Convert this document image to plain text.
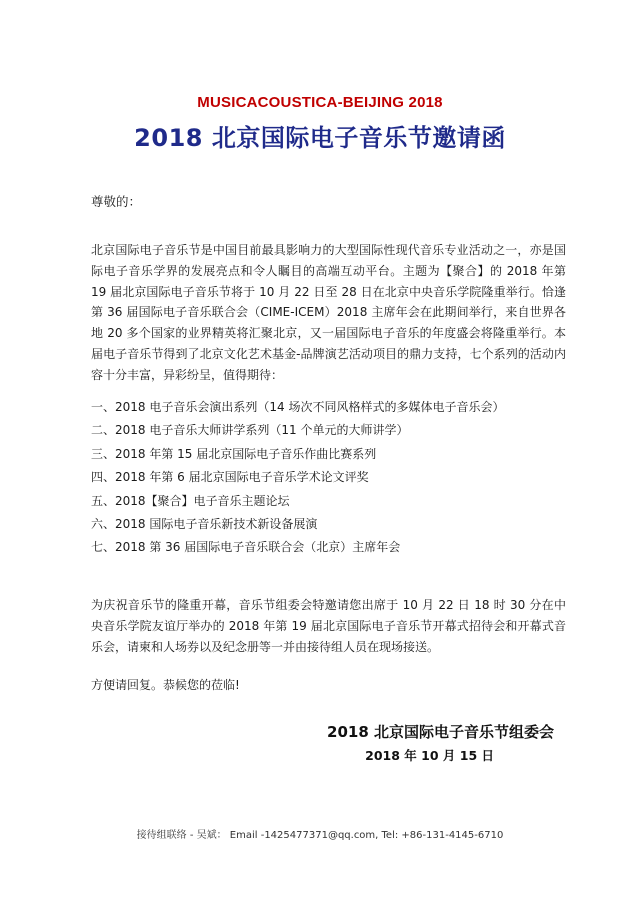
MUSICACOUSTICA-BEIJING 2018
2018 北京国际电子音乐节邀请函
尊敬的：

北京国际电子音乐节是中国目前最具影响力的大型国际性现代音乐专业活动之一，亦是国际电子音乐学界的发展亮点和令人瞩目的高端互动平台。主题为【聚合】的 2018 年第 19 届北京国际电子音乐节将于 10 月 22 日至 28 日在北京中央音乐学院隆重举行。恰逢第 36 届国际电子音乐联合会（CIME-ICEM）2018 主席年会在此期间举行，来自世界各地 20 多个国家的业界精英将汇聚北京，又一届国际电子音乐的年度盛会将隆重举行。本届电子音乐节得到了北京文化艺术基金-品牌演艺活动项目的鼎力支持，七个系列的活动内容十分丰富，异彩纷呈，值得期待：

一、2018 电子音乐会演出系列（14 场次不同风格样式的多媒体电子音乐会）
二、2018 电子音乐大师讲学系列（11 个单元的大师讲学）
三、2018 年第 15 届北京国际电子音乐作曲比赛系列
四、2018 年第 6 届北京国际电子音乐学术论文评奖
五、2018【聚合】电子音乐主题论坛
六、2018 国际电子音乐新技术新设备展演
七、2018 第 36 届国际电子音乐联合会（北京）主席年会

为庆祝音乐节的隆重开幕，音乐节组委会特邀请您出席于 10 月 22 日 18 时 30 分在中央音乐学院友谊厅举办的 2018 年第 19 届北京国际电子音乐节开幕式招待会和开幕式音乐会，请柬和人场券以及纪念册等一并由接待组人员在现场接送。

方便请回复。恭候您的莅临!
2018 北京国际电子音乐节组委会
2018 年 10 月 15 日
接待组联络 - 吴斌： Email -1425477371@qq.com, Tel: +86-131-4145-6710
